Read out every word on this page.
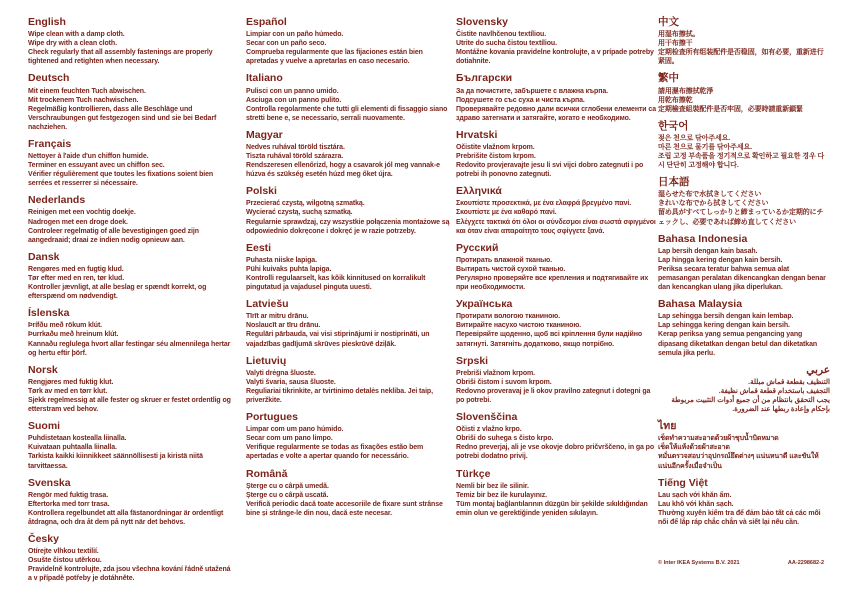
English
Wipe clean with a damp cloth.
Wipe dry with a clean cloth.
Check regularly that all assembly fastenings are properly tightened and retighten when necessary.
Deutsch
Mit einem feuchten Tuch abwischen.
Mit trockenem Tuch nachwischen.
Regelmäßig kontrollieren, dass alle Beschläge und Verschraubungen gut festgezogen sind und sie bei Bedarf nachziehen.
Français
Nettoyer à l'aide d'un chiffon humide.
Terminer en essuyant avec un chiffon sec.
Vérifier régulièrement que toutes les fixations soient bien serrées et resserrer si nécessaire.
Nederlands
Reinigen met een vochtig doekje.
Nadrogen met een droge doek.
Controleer regelmatig of alle bevestigingen goed zijn aangedraaid; draai ze indien nodig opnieuw aan.
Dansk
Rengøres med en fugtig klud.
Tør efter med en ren, tør klud.
Kontroller jævnligt, at alle beslag er spændt korrekt, og efterspænd om nødvendigt.
Íslenska
Þrífðu með rökum klút.
Þurrkaðu með hreinum klút.
Kannaðu reglulega hvort allar festingar séu almennilega hertar og hertu eftir þörf.
Norsk
Rengjøres med fuktig klut.
Tørk av med en tørr klut.
Sjekk regelmessig at alle fester og skruer er festet ordentlig og etterstram ved behov.
Suomi
Puhdistetaan kostealla liinalla.
Kuivataan puhtaalla liinalla.
Tarkista kaikki kiinnikkeet säännöllisesti ja kiristä niitä tarvittaessa.
Svenska
Rengör med fuktig trasa.
Eftertorka med torr trasa.
Kontrollera regelbundet att alla fästanordningar är ordentligt åtdragna, och dra åt dem på nytt när det behövs.
Česky
Otírejte vlhkou textilií.
Osušte čistou utěrkou.
Pravidelně kontrolujte, zda jsou všechna kování řádně utažená a v případě potřeby je dotáhněte.
Español
Limpiar con un paño húmedo.
Secar con un paño seco.
Comprueba regularmente que las fijaciones están bien apretadas y vuelve a apretarlas en caso necesario.
Italiano
Pulisci con un panno umido.
Asciuga con un panno pulito.
Controlla regolarmente che tutti gli elementi di fissaggio siano stretti bene e, se necessario, serrali nuovamente.
Magyar
Nedves ruhával töröld tisztára.
Tiszta ruhával töröld szárazra.
Rendszeresen ellenőrizd, hogy a csavarok jól meg vannak-e húzva és szükség esetén húzd meg őket újra.
Polski
Przecierać czystą, wilgotną szmatką.
Wycierać czystą, suchą szmatką.
Regularnie sprawdzaj, czy wszystkie połączenia montażowe są odpowiednio dokręcone i dokręć je w razie potrzeby.
Eesti
Puhasta niiske lapiga.
Pühi kuivaks puhta lapiga.
Kontrolli regulaarselt, kas kõik kinnitused on korralikult pingutatud ja vajadusel pinguta uuesti.
Latviešu
Tīrīt ar mitru drānu.
Noslaucīt ar tīru drānu.
Regulāri pārbauda, vai visi stiprinājumi ir nostiprināti, un vajadzības gadījumā skrūves pieskrūvē dziļāk.
Lietuvių
Valyti drėgna šluoste.
Valyti švaria, sausa šluoste.
Reguliariai tikrinkite, ar tvirtinimo detalės nekliba. Jei taip, priveržkite.
Portugues
Limpar com um pano húmido.
Secar com um pano limpo.
Verifique regularmente se todas as fixações estão bem apertadas e volte a apertar quando for necessário.
Română
Șterge cu o cârpă umedă.
Șterge cu o cârpă uscată.
Verifică periodic dacă toate accesoriile de fixare sunt strânse bine și strânge-le din nou, dacă este necesar.
Slovensky
Čistite navlhčenou textíliou.
Utrite do sucha čistou textíliou.
Montážne kovania pravidelne kontrolujte, a v prípade potreby dotiahnite.
Български
За да почистите, забършете с влажна кърпа.
Подсушете го със суха и чиста кърпа.
Проверявайте редовно дали всички сглобени елементи са здраво затегнати и затягайте, когато е необходимо.
Hrvatski
Očistite vlažnom krpom.
Prebrišite čistom krpom.
Redovito provjeravajte jesu li svi vijci dobro zategnuti i po potrebi ih ponovno zategnuti.
Ελληνικά
Σκουπίστε προσεκτικά, με ένα ελαφρά βρεγμένο πανί.
Σκουπίστε με ένα καθαρό πανί.
Ελέγχετε τακτικά ότι όλοι οι σύνδεσμοι είναι σωστά σφιγμένοι και όταν είναι απαραίτητο τους σφίγγετε ξανά.
Русский
Протирать влажной тканью.
Вытирать чистой сухой тканью.
Регулярно проверяйте все крепления и подтягивайте их при необходимости.
Українська
Протирати вологою тканиною.
Витирайте насухо чистою тканиною.
Перевіряйте щоденно, щоб всі кріплення були надійно затягнуті. Затягніть додатково, якщо потрібно.
Srpski
Prebriši vlažnom krpom.
Obriši čistom i suvom krpom.
Redovno proveravaj je li okov pravilno zategnut i dotegni ga po potrebi.
Slovenščina
Očisti z vlažno krpo.
Obriši do suhega s čisto krpo.
Redno preverjaj, ali je vse okovje dobro pričvrščeno, in ga po potrebi dodatno privij.
Türkçe
Nemli bir bez ile silinir.
Temiz bir bez ile kurulayınız.
Tüm montaj bağlantılarının düzgün bir şekilde sıkıldığından emin olun ve gerektiğinde yeniden sıkılayın.
中文
用湿布擦拭。
用干布擦干
定期检查所有组装配件是否稳固，如有必要，重新进行紧固。
繁中
請用濕布擦拭乾淨
用乾布擦乾
定期檢查組裝配件是否牢固，必要時請重新鎖緊
한국어
젖은 천으로 닦아주세요.
마른 천으로 물기를 닦아주세요.
조립 고정 부속품을 정기적으로 확인하고 필요한 경우 다시 단단히 고정해야 합니다.
日本語
湿らせた布で水拭きしてください
きれいな布でから拭きしてください
留め具がすべてしっかりと締まっているか定期的にチェックし、必要であれば締め直してください
Bahasa Indonesia
Lap bersih dengan kain basah.
Lap hingga kering dengan kain bersih.
Periksa secara teratur bahwa semua alat pemasangan peralatan dikencangkan dengan benar dan kencangkan ulang jika diperlukan.
Bahasa Malaysia
Lap sehingga bersih dengan kain lembap.
Lap sehingga kering dengan kain bersih.
Kerap periksa yang semua pengancing yang dipasang diketatkan dengan betul dan diketatkan semula jika perlu.
عربي
التنظيف بقطعة قماش مبللة.
التجفيف باستخدام قطعة قماش نظيفة.
يجب التحقق بانتظام من أن جميع أدوات التثبيت مربوطة بإحكام وإعادة ربطها عند الضرورة.
ไทย
เช็ดทำความสะอาดด้วยผ้าชุบน้ำบิดหมาด
เช็ดให้แห้งด้วยผ้าสะอาด
หมั่นตรวจสอบว่าอุปกรณ์ยึดต่างๆ แน่นหนาดี และขันให้แน่นอีกครั้งเมื่อจำเป็น
Tiếng Việt
Lau sạch với khăn ẩm.
Lau khô với khăn sạch.
Thường xuyên kiểm tra để đảm bảo tất cả các mối nối để lắp ráp chắc chắn và siết lại nếu cần.
© Inter IKEA Systems B.V. 2021	AA-2298682-2
